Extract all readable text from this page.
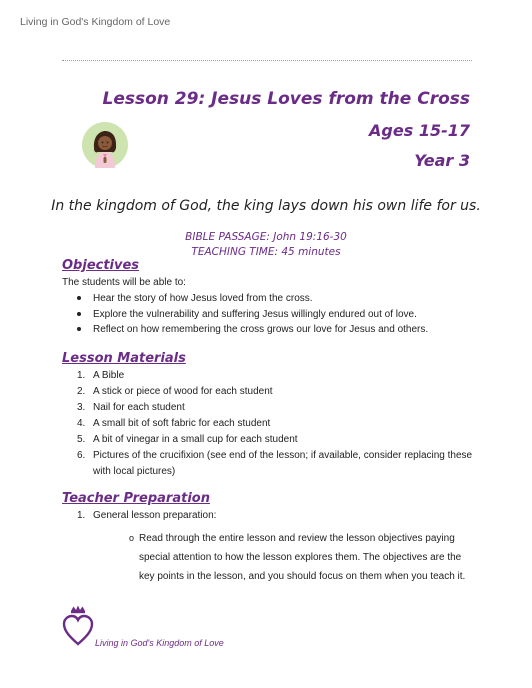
Living in God's Kingdom of Love
Lesson 29: Jesus Loves from the Cross
Ages 15-17
Year 3
In the kingdom of God, the king lays down his own life for us.
BIBLE PASSAGE: John 19:16-30
TEACHING TIME: 45 minutes
Objectives
The students will be able to:
Hear the story of how Jesus loved from the cross.
Explore the vulnerability and suffering Jesus willingly endured out of love.
Reflect on how remembering the cross grows our love for Jesus and others.
Lesson Materials
1. A Bible
2. A stick or piece of wood for each student
3. Nail for each student
4. A small bit of soft fabric for each student
5. A bit of vinegar in a small cup for each student
6. Pictures of the crucifixion (see end of the lesson; if available, consider replacing these with local pictures)
Teacher Preparation
1. General lesson preparation:
o Read through the entire lesson and review the lesson objectives paying special attention to how the lesson explores them. The objectives are the key points in the lesson, and you should focus on them when you teach it.
Living in God's Kingdom of Love
